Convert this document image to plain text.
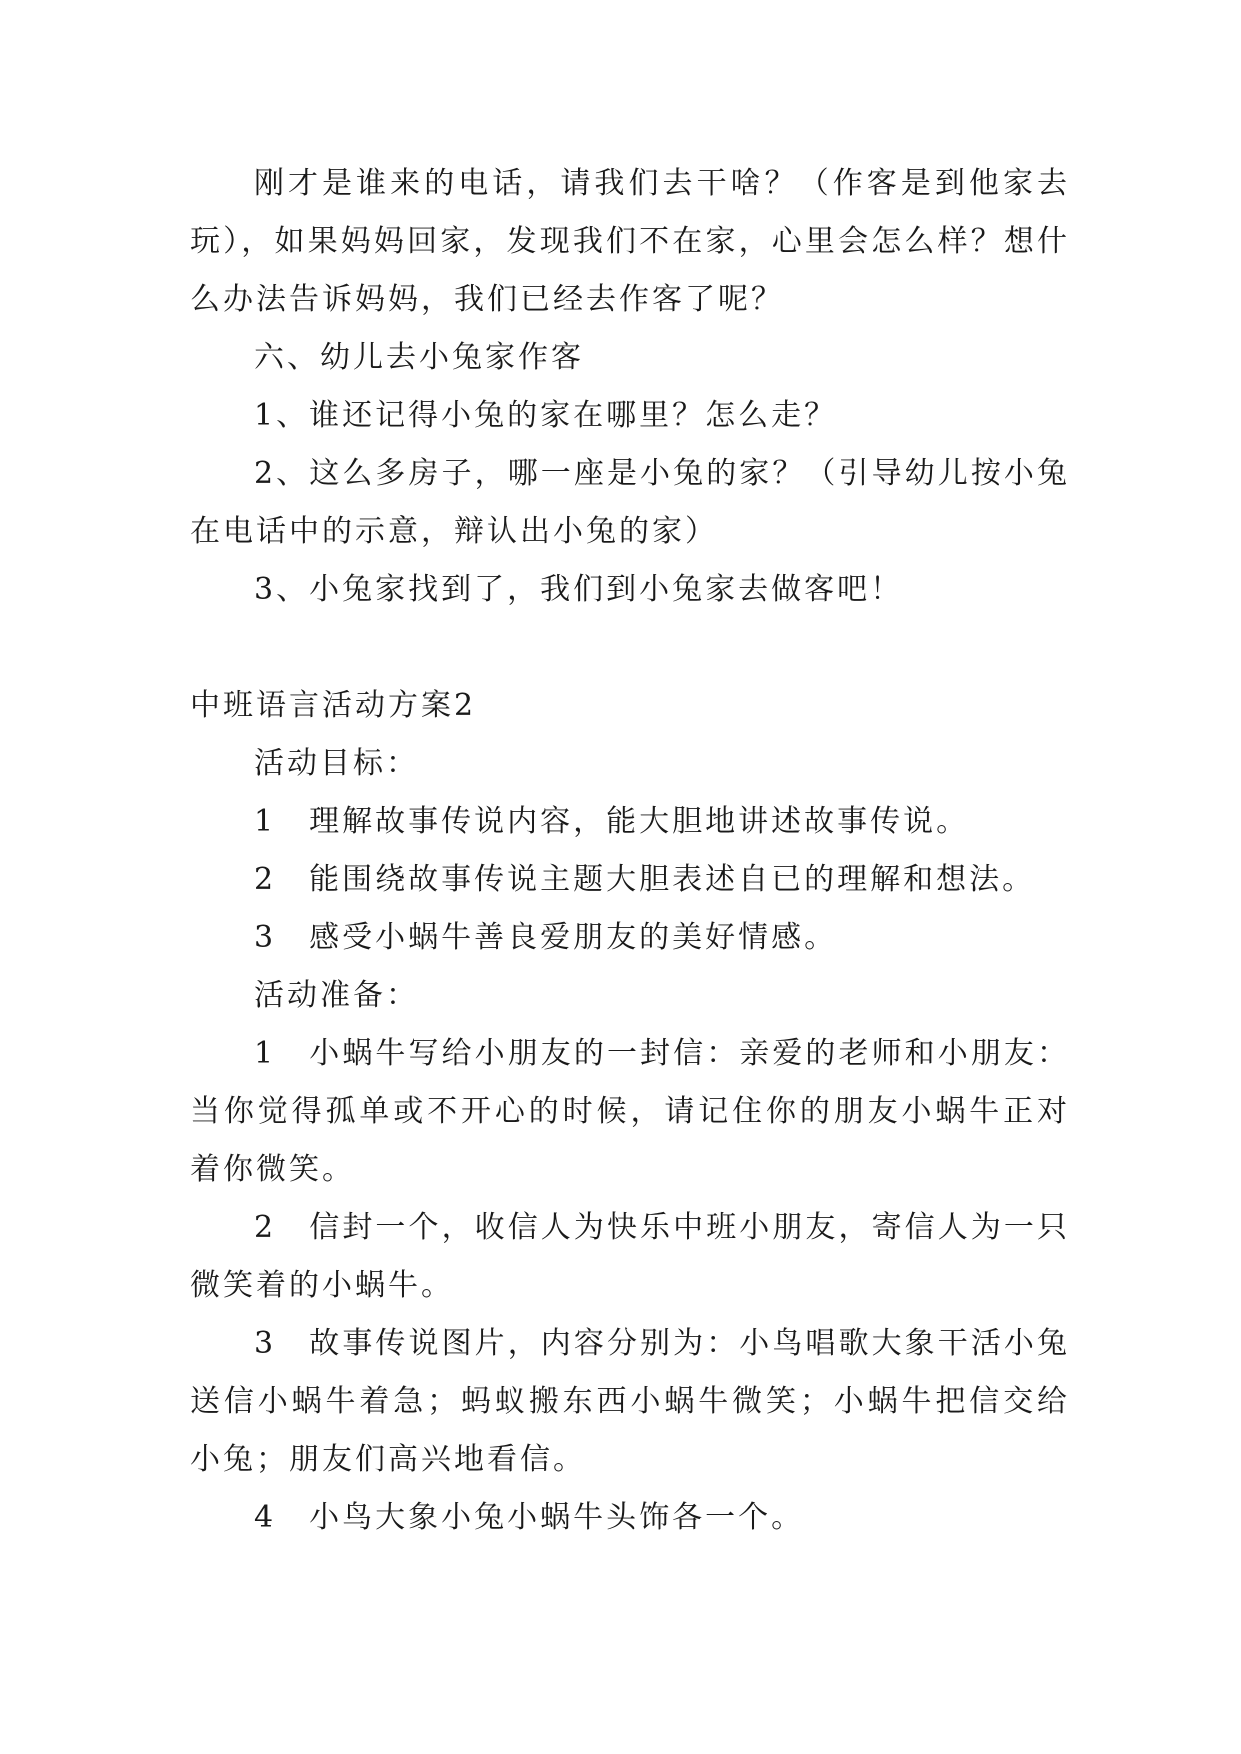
刚才是谁来的电话，请我们去干啥？（作客是到他家去玩），如果妈妈回家，发现我们不在家，心里会怎么样？想什么办法告诉妈妈，我们已经去作客了呢？

六、幼儿去小兔家作客

1、谁还记得小兔的家在哪里？怎么走？

2、这么多房子，哪一座是小兔的家？（引导幼儿按小兔在电话中的示意，辩认出小兔的家）

3、小兔家找到了，我们到小兔家去做客吧！

中班语言活动方案2

活动目标：

1　理解故事传说内容，能大胆地讲述故事传说。

2　能围绕故事传说主题大胆表述自已的理解和想法。

3　感受小蜗牛善良爱朋友的美好情感。

活动准备：

1　小蜗牛写给小朋友的一封信：亲爱的老师和小朋友：当你觉得孤单或不开心的时候，请记住你的朋友小蜗牛正对着你微笑。

2　信封一个，收信人为快乐中班小朋友，寄信人为一只微笑着的小蜗牛。

3　故事传说图片，内容分别为：小鸟唱歌大象干活小兔送信小蜗牛着急；蚂蚁搬东西小蜗牛微笑；小蜗牛把信交给小兔；朋友们高兴地看信。

4　小鸟大象小兔小蜗牛头饰各一个。
